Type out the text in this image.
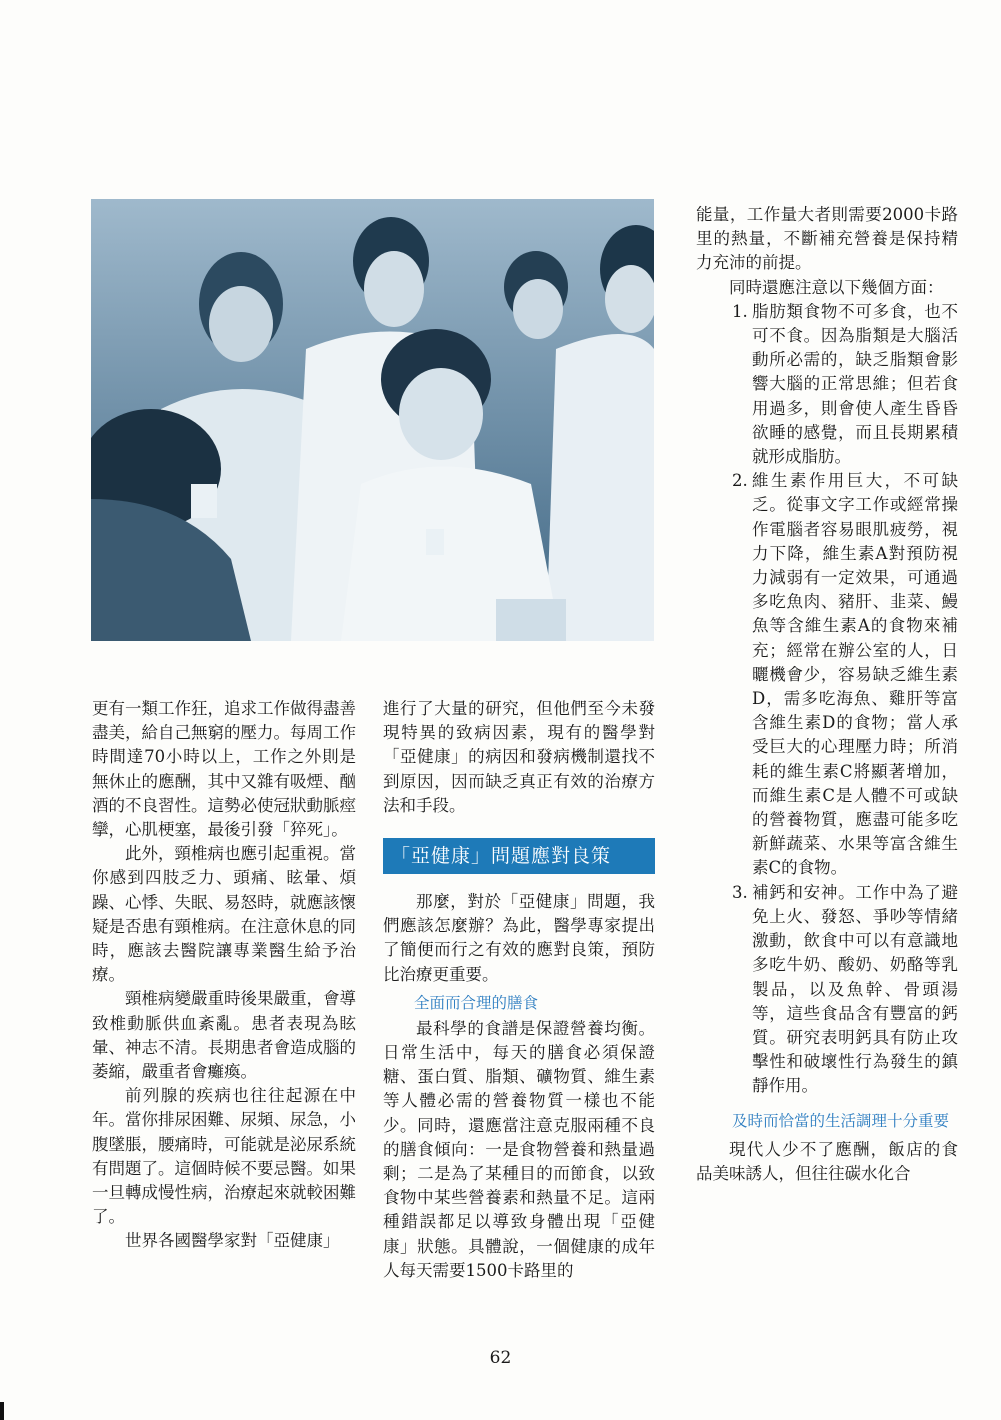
更有一類工作狂，追求工作做得盡善盡美，給自己無窮的壓力。每周工作時間達70小時以上，工作之外則是無休止的應酬，其中又雜有吸煙、酗酒的不良習性。這勢必使冠狀動脈痙攣，心肌梗塞，最後引發「猝死」。

此外，頸椎病也應引起重視。當你感到四肢乏力、頭痛、眩暈、煩躁、心悸、失眠、易怒時，就應該懷疑是否患有頸椎病。在注意休息的同時，應該去醫院讓專業醫生給予治療。

頸椎病變嚴重時後果嚴重，會導致椎動脈供血紊亂。患者表現為眩暈、神志不清。長期患者會造成腦的萎縮，嚴重者會癱瘓。

前列腺的疾病也往往起源在中年。當你排尿困難、尿頻、尿急，小腹墜脹，腰痛時，可能就是泌尿系統有問題了。這個時候不要忌醫。如果一旦轉成慢性病，治療起來就較困難了。

世界各國醫學家對「亞健康」

進行了大量的研究，但他們至今未發現特異的致病因素，現有的醫學對「亞健康」的病因和發病機制還找不到原因，因而缺乏真正有效的治療方法和手段。

「亞健康」問題應對良策

那麼，對於「亞健康」問題，我們應該怎麼辦？為此，醫學專家提出了簡便而行之有效的應對良策，預防比治療更重要。

全面而合理的膳食

最科學的食譜是保證營養均衡。日常生活中，每天的膳食必須保證糖、蛋白質、脂類、礦物質、維生素等人體必需的營養物質一樣也不能少。同時，還應當注意克服兩種不良的膳食傾向：一是食物營養和熱量過剩；二是為了某種目的而節食，以致食物中某些營養素和熱量不足。這兩種錯誤都足以導致身體出現「亞健康」狀態。具體說，一個健康的成年人每天需要1500卡路里的

能量，工作量大者則需要2000卡路里的熱量，不斷補充營養是保持精力充沛的前提。

同時還應注意以下幾個方面：

1. 脂肪類食物不可多食，也不可不食。因為脂類是大腦活動所必需的，缺乏脂類會影響大腦的正常思維；但若食用過多，則會使人產生昏昏欲睡的感覺，而且長期累積就形成脂肪。
2. 維生素作用巨大，不可缺乏。從事文字工作或經常操作電腦者容易眼肌疲勞，視力下降，維生素A對預防視力減弱有一定效果，可通過多吃魚肉、豬肝、韭菜、鰻魚等含維生素A的食物來補充；經常在辦公室的人，日曬機會少，容易缺乏維生素D，需多吃海魚、雞肝等富含維生素D的食物；當人承受巨大的心理壓力時；所消耗的維生素C將顯著增加，而維生素C是人體不可或缺的營養物質，應盡可能多吃新鮮蔬菜、水果等富含維生素C的食物。
3. 補鈣和安神。工作中為了避免上火、發怒、爭吵等情緒激動，飲食中可以有意識地多吃牛奶、酸奶、奶酪等乳製品，以及魚幹、骨頭湯等，這些食品含有豐富的鈣質。研究表明鈣具有防止攻擊性和破壞性行為發生的鎮靜作用。
及時而恰當的生活調理十分重要

現代人少不了應酬，飯店的食品美味誘人，但往往碳水化合

62
